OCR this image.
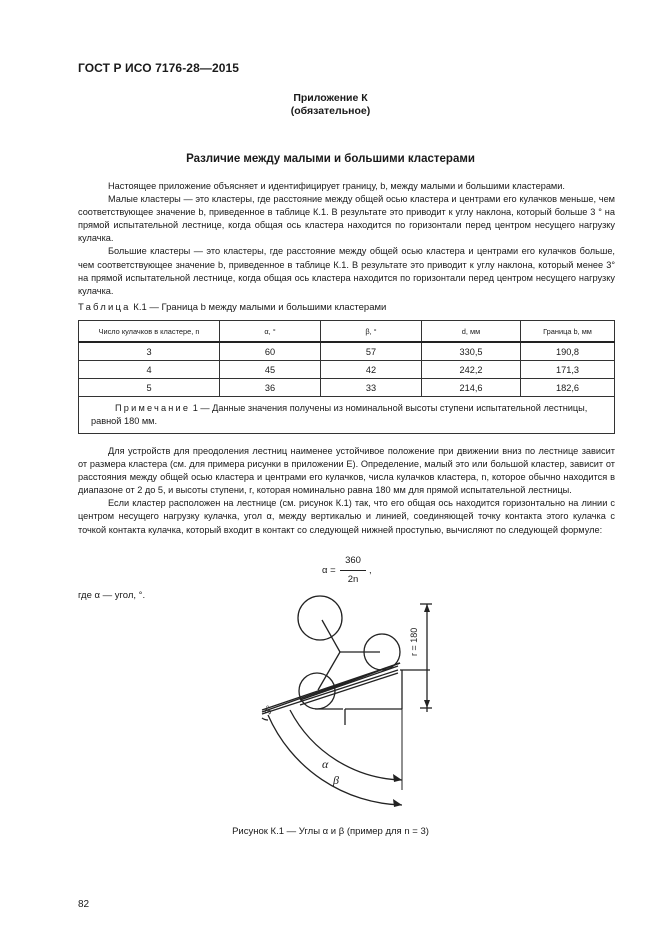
ГОСТ Р ИСО 7176-28—2015
Приложение К
(обязательное)
Различие между малыми и большими кластерами

Настоящее приложение объясняет и идентифицирует границу, b, между малыми и большими кластерами.

Малые кластеры — это кластеры, где расстояние между общей осью кластера и центрами его кулачков меньше, чем соответствующее значение b, приведенное в таблице К.1. В результате это приводит к углу наклона, который больше 3 ° на прямой испытательной лестнице, когда общая ось кластера находится по горизонтали перед центром несущего нагрузку кулачка.

Большие кластеры — это кластеры, где расстояние между общей осью кластера и центрами его кулачков больше, чем соответствующее значение b, приведенное в таблице К.1. В результате это приводит к углу наклона, который менее 3° на прямой испытательной лестнице, когда общая ось кластера находится по горизонтали перед центром несущего нагрузку кулачка.

Таблица К.1 — Граница b между малыми и большими кластерами
Число кулачков в кластере, n	α, °	β, °	d, мм	Граница b, мм
3	60	57	330,5	190,8
4	45	42	242,2	171,3
5	36	33	214,6	182,6
Примечание 1 — Данные значения получены из номинальной высоты ступени испытательной лестницы, равной 180 мм.				

Для устройств для преодоления лестниц наименее устойчивое положение при движении вниз по лестнице зависит от размера кластера (см. для примера рисунки в приложении Е). Определение, малый это или большой кластер, зависит от расстояния между общей осью кластера и центрами его кулачков, числа кулачков кластера, n, которое обычно находится в диапазоне от 2 до 5, и высоты ступени, r, которая номинально равна 180 мм для прямой испытательной лестницы.

Если кластер расположен на лестнице (см. рисунок К.1) так, что его общая ось находится горизонтально на линии с центром несущего нагрузку кулачка, угол α, между вертикалью и линией, соединяющей точку контакта этого кулачка с точкой контакта кулачка, который входит в контакт со следующей нижней проступью, вычисляют по следующей формуле:

α =
360
2n
,
где α — угол, °.
r = 180
3°
α
β
Рисунок К.1 — Углы α и β (пример для n = 3)
82
